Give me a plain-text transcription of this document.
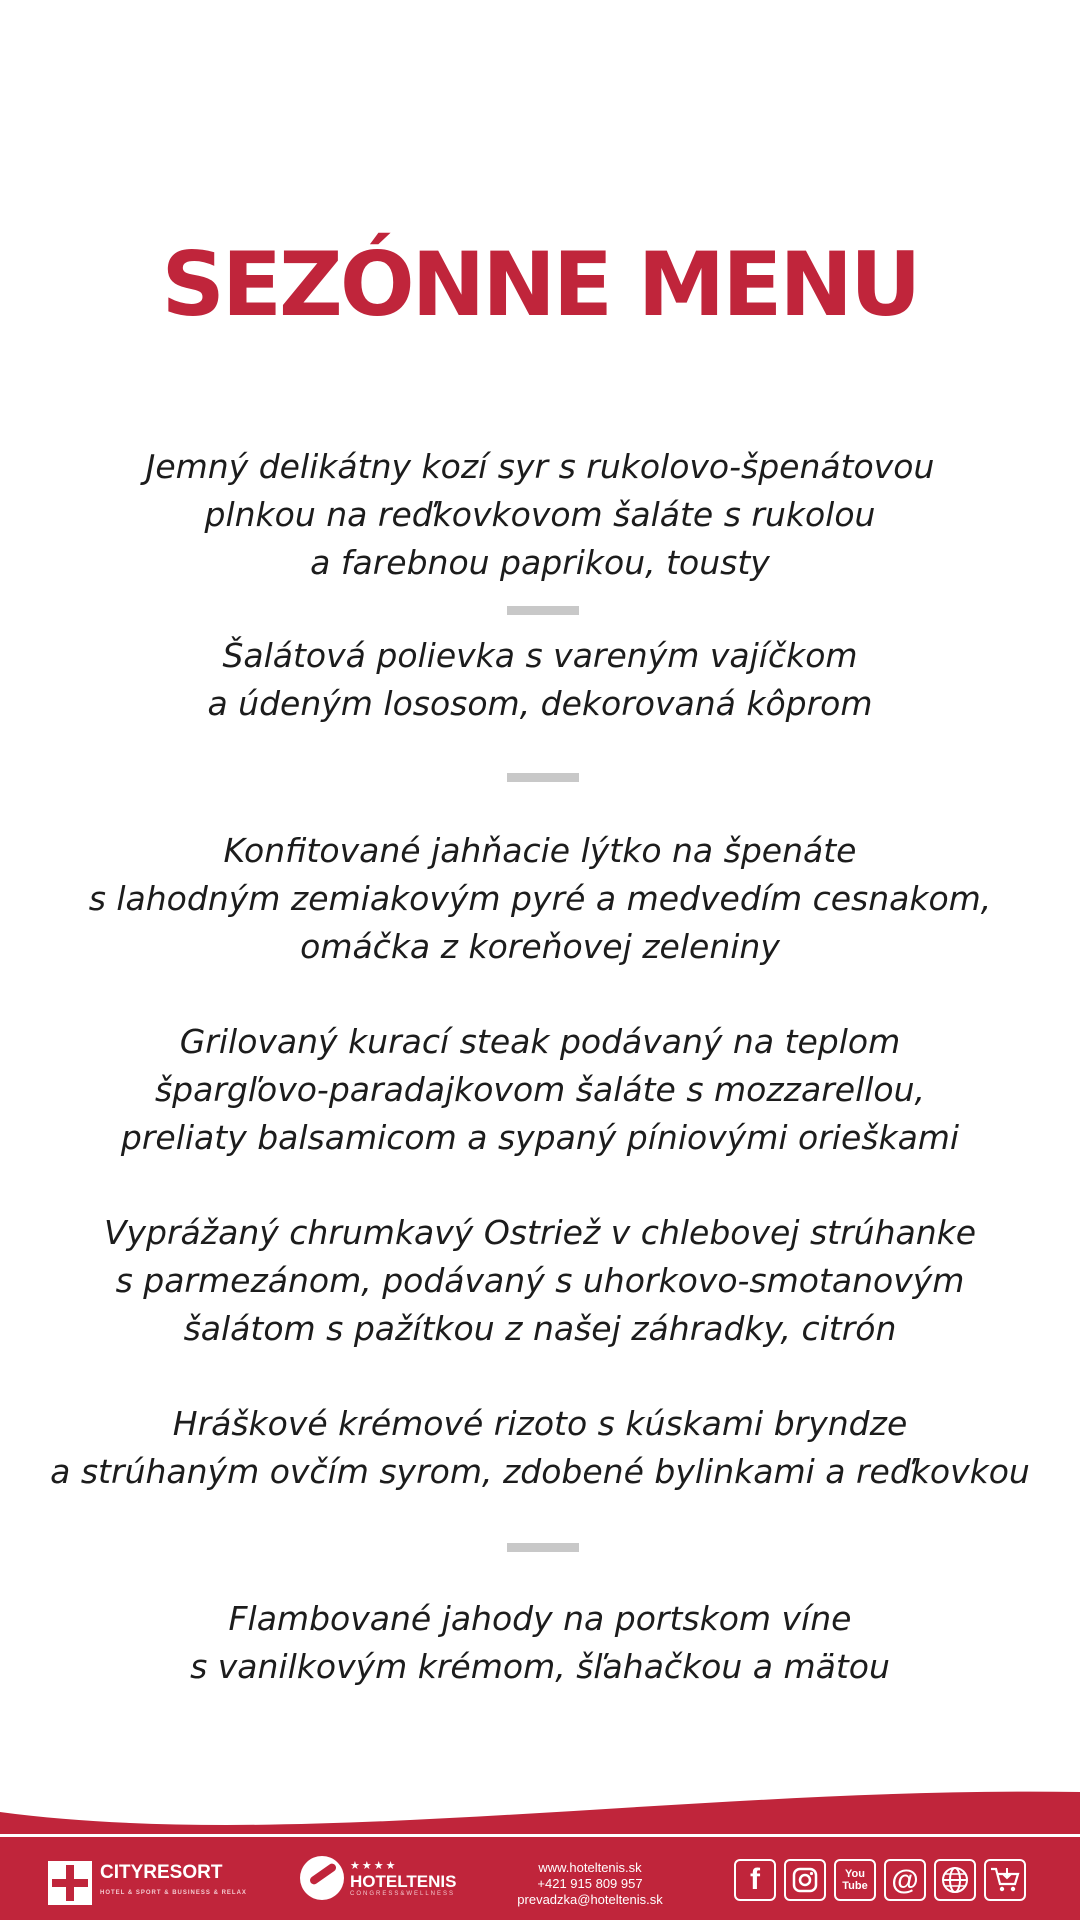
SEZÓNNE MENU
Jemný delikátny kozí syr s rukolovo-špenátovou
plnkou na reďkovkovom šaláte s rukolou
a farebnou paprikou, tousty
Šalátová polievka s vareným vajíčkom
a údeným lososom, dekorovaná kôprom
Konfitované jahňacie lýtko na špenáte
s lahodným zemiakovým pyré a medvedím cesnakom,
omáčka z koreňovej zeleniny
Grilovaný kurací steak podávaný na teplom
špargľovo-paradajkovom šaláte s mozzarellou,
preliaty balsamicom a sypaný píniovými orieškami
Vyprážaný chrumkavý Ostriež v chlebovej strúhanke
s parmezánom, podávaný s uhorkovo-smotanovým
šalátom s pažítkou z našej záhradky, citrón
Hráškové krémové rizoto s kúskami bryndze
a strúhaným ovčím syrom, zdobené bylinkami a reďkovkou
Flambované jahody na portskom víne
s vanilkovým krémom, šľahačkou a mätou
CITYRESORT
HOTEL & SPORT & BUSINESS & RELAX
★★★★
HOTELTENIS
CONGRESS&WELLNESS
www.hoteltenis.sk
+421 915 809 957
prevadzka@hoteltenis.sk
f	You
Tube @
